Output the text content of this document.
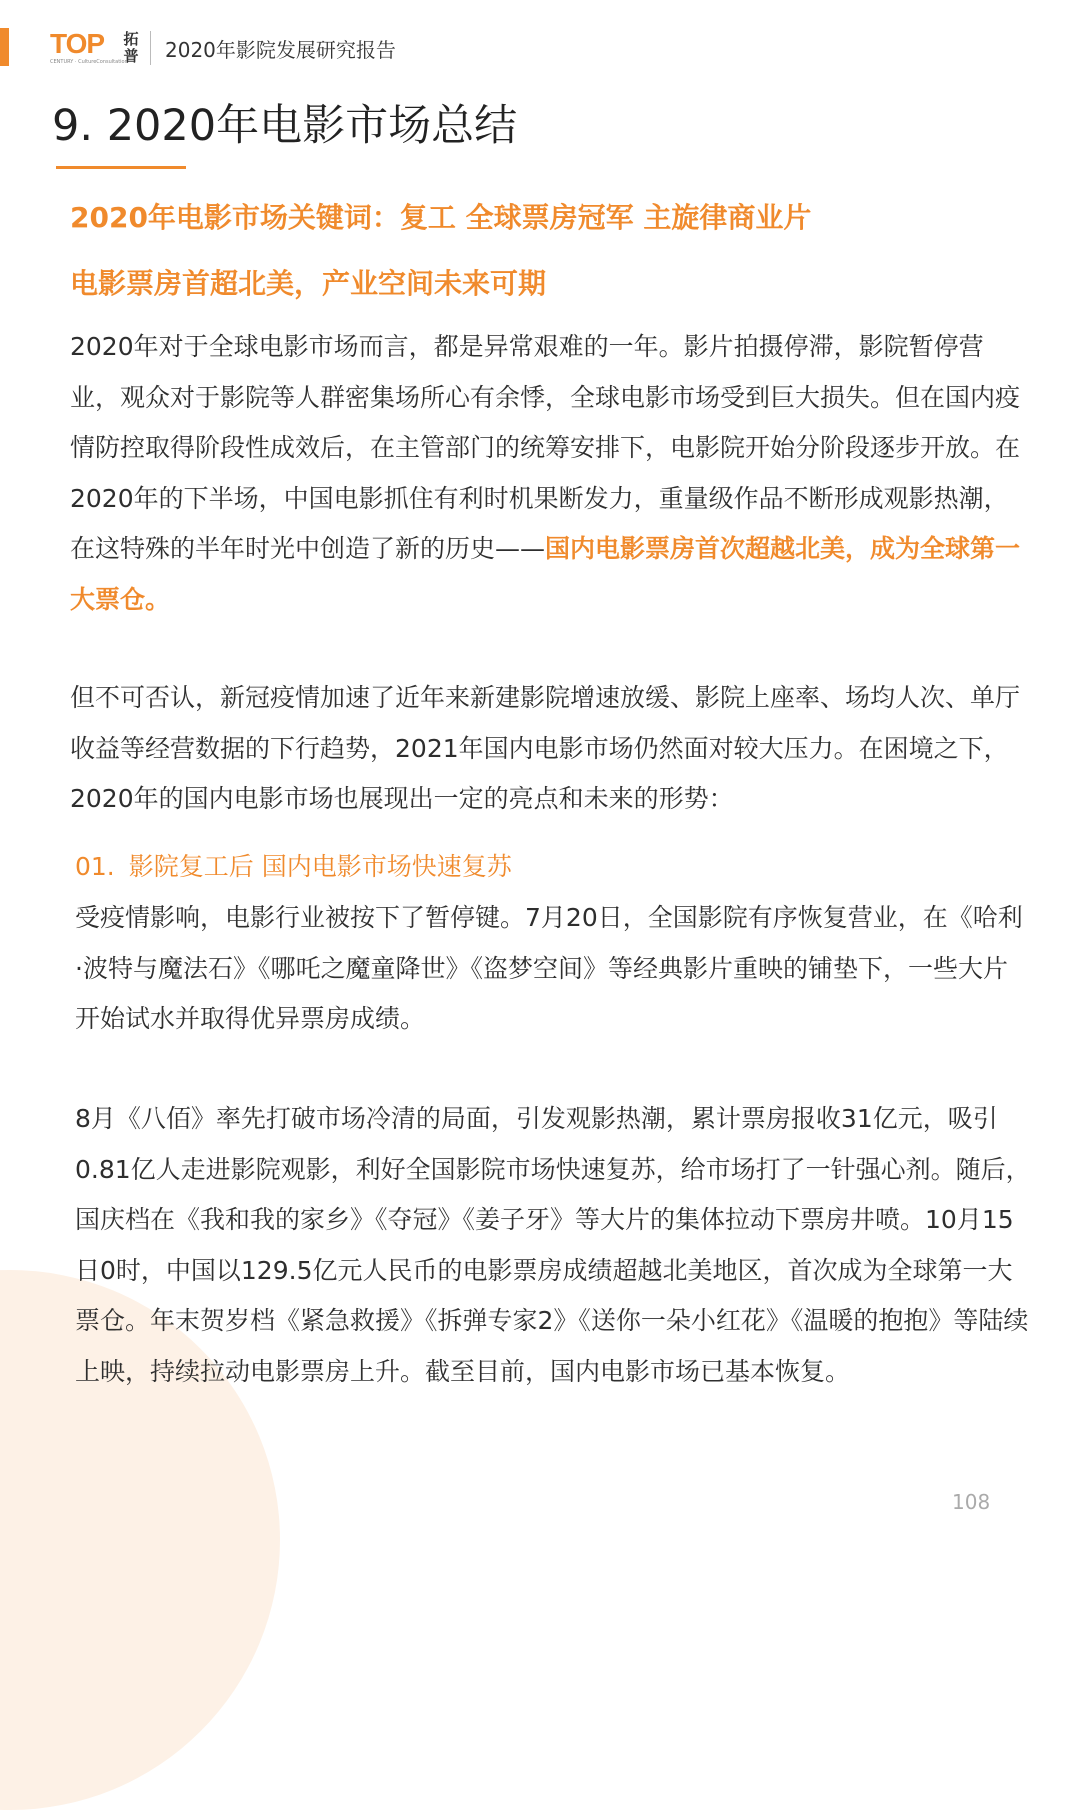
TOP
CENTURY · CultureConsultation
拓普 2020年影院发展研究报告
9. 2020年电影市场总结
2020年电影市场关键词：复工 全球票房冠军 主旋律商业片
电影票房首超北美，产业空间未来可期

2020年对于全球电影市场而言，都是异常艰难的一年。影片拍摄停滞，影院暂停营业，观众对于影院等人群密集场所心有余悸，全球电影市场受到巨大损失。但在国内疫情防控取得阶段性成效后，在主管部门的统筹安排下，电影院开始分阶段逐步开放。在2020年的下半场，中国电影抓住有利时机果断发力，重量级作品不断形成观影热潮，在这特殊的半年时光中创造了新的历史——国内电影票房首次超越北美，成为全球第一大票仓。

但不可否认，新冠疫情加速了近年来新建影院增速放缓、影院上座率、场均人次、单厅收益等经营数据的下行趋势，2021年国内电影市场仍然面对较大压力。在困境之下，2020年的国内电影市场也展现出一定的亮点和未来的形势：

01. 影院复工后 国内电影市场快速复苏

受疫情影响，电影行业被按下了暂停键。7月20日，全国影院有序恢复营业，在《哈利·波特与魔法石》《哪吒之魔童降世》《盗梦空间》等经典影片重映的铺垫下，一些大片开始试水并取得优异票房成绩。

8月《八佰》率先打破市场冷清的局面，引发观影热潮，累计票房报收31亿元，吸引0.81亿人走进影院观影，利好全国影院市场快速复苏，给市场打了一针强心剂。随后，国庆档在《我和我的家乡》《夺冠》《姜子牙》等大片的集体拉动下票房井喷。10月15日0时，中国以129.5亿元人民币的电影票房成绩超越北美地区，首次成为全球第一大票仓。年末贺岁档《紧急救援》《拆弹专家2》《送你一朵小红花》《温暖的抱抱》等陆续上映，持续拉动电影票房上升。截至目前，国内电影市场已基本恢复。

108
